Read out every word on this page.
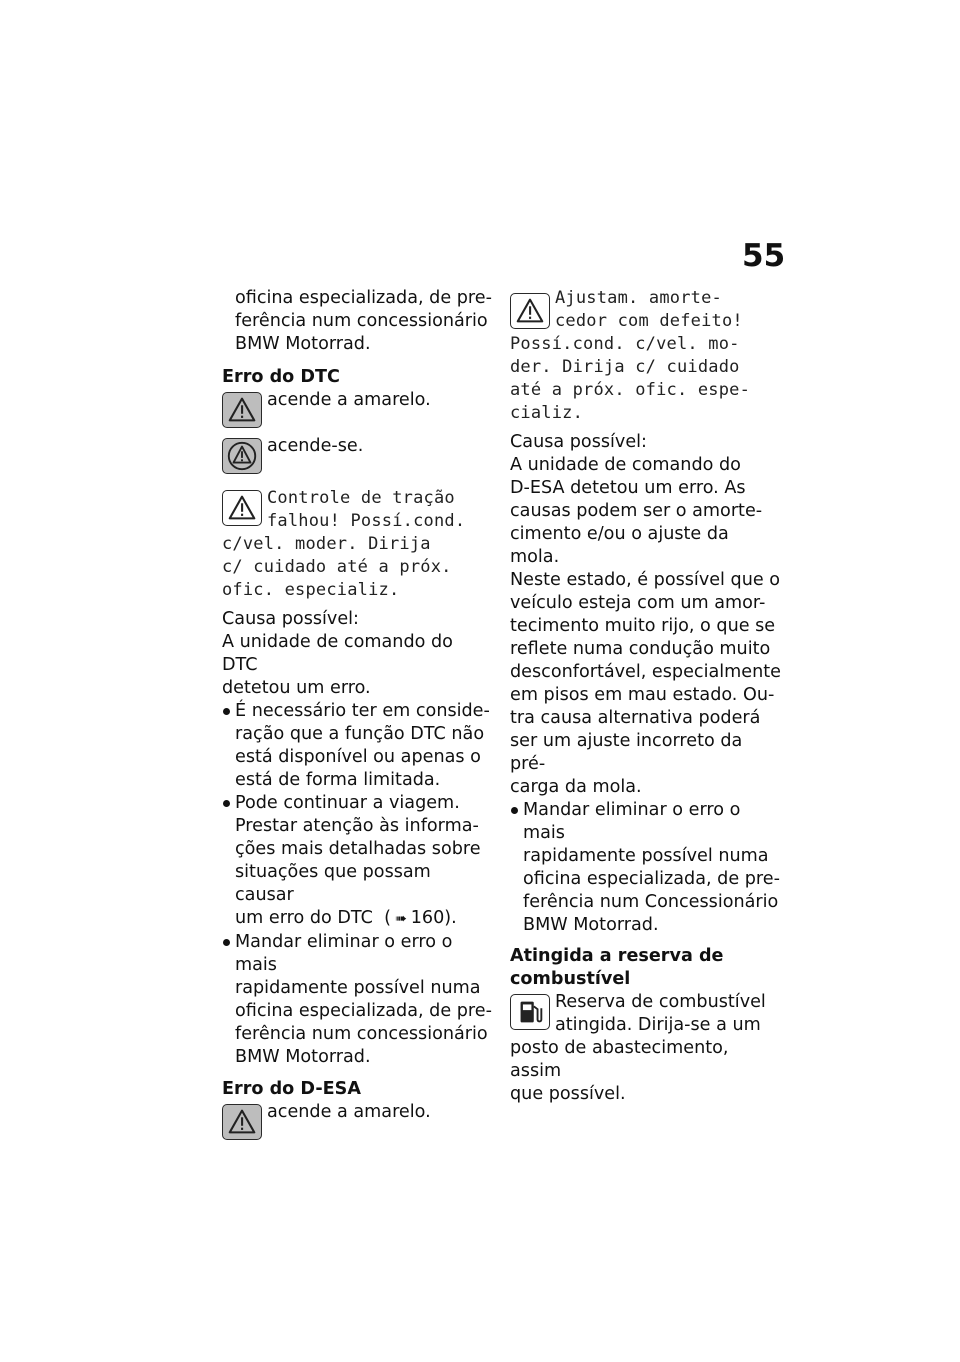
55

oficina especializada, de pre-

ferência num concessionário

BMW Motorrad.

Erro do DTC

acende a amarelo.

acende-se.

Controle de tração
falhou! Possí.cond.
c/vel. moder. Dirija
c/ cuidado até a próx.
ofic. especializ.

Causa possível:

A unidade de comando do DTC

detetou um erro.

É necessário ter em conside-
ração que a função DTC não
está disponível ou apenas o
está de forma limitada.
Pode continuar a viagem.
Prestar atenção às informa-
ções mais detalhadas sobre
situações que possam causar
um erro do DTC ( ➠ 160).
Mandar eliminar o erro o mais
rapidamente possível numa
oficina especializada, de pre-
ferência num concessionário
BMW Motorrad.

Erro do D-ESA

acende a amarelo.

Ajustam. amorte-
cedor com defeito!
Possí.cond. c/vel. mo-
der. Dirija c/ cuidado
até a próx. ofic. espe-
cializ.

Causa possível:

A unidade de comando do

D-ESA detetou um erro. As

causas podem ser o amorte-

cimento e/ou o ajuste da mola.

Neste estado, é possível que o

veículo esteja com um amor-

tecimento muito rijo, o que se

reflete numa condução muito

desconfortável, especialmente

em pisos em mau estado. Ou-

tra causa alternativa poderá

ser um ajuste incorreto da pré-

carga da mola.

Mandar eliminar o erro o mais
rapidamente possível numa
oficina especializada, de pre-
ferência num Concessionário
BMW Motorrad.
Atingida a reserva de
combustível

Reserva de combustível

atingida. Dirija-se a um

posto de abastecimento, assim

que possível.
